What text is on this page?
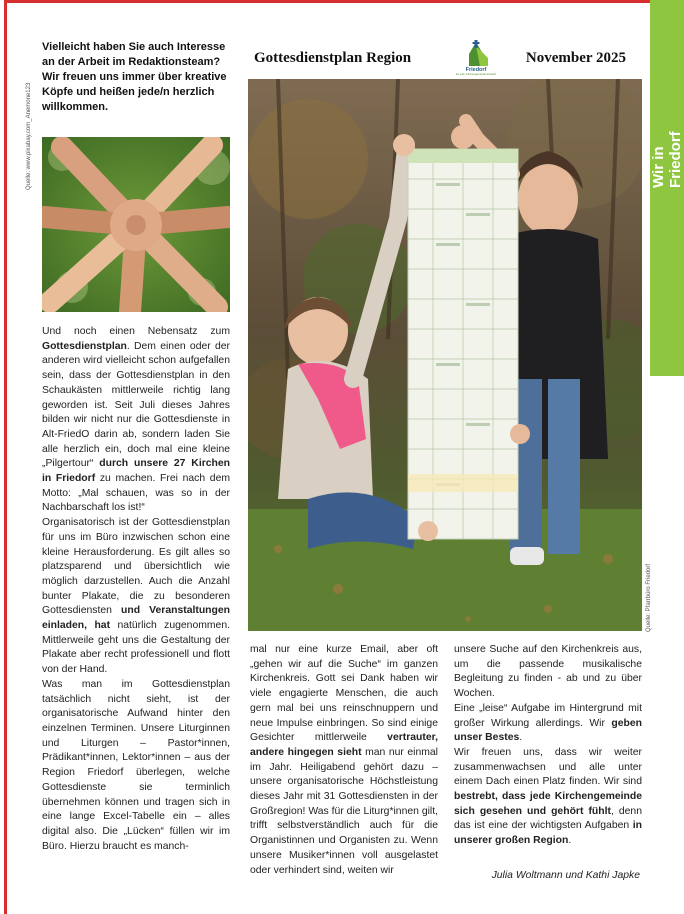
Wir in Friedorf
Vielleicht haben Sie auch Interesse an der Arbeit im Redaktionsteam? Wir freuen uns immer über kreative Köpfe und heißen jede/n herzlich willkommen.
Quelle: www.pixabay.com_Anemone123

Und noch einen Nebensatz zum Gottesdienstplan. Dem einen oder der anderen wird vielleicht schon aufgefallen sein, dass der Gottesdienstplan in den Schaukästen mittlerweile richtig lang geworden ist. Seit Juli dieses Jahres bilden wir nicht nur die Gottesdienste in Alt-FriedO darin ab, sondern laden Sie alle herzlich ein, doch mal eine kleine „Pilgertour“ durch unsere 27 Kirchen in Friedorf zu machen. Frei nach dem Motto: „Mal schauen, was so in der Nachbarschaft los ist!“

Organisatorisch ist der Gottesdienstplan für uns im Büro inzwischen schon eine kleine Herausforderung. Es gilt alles so platzsparend und übersichtlich wie möglich darzustellen. Auch die Anzahl bunter Plakate, die zu besonderen Gottesdiensten und Veranstaltungen einladen, hat natürlich zugenommen. Mittlerweile geht uns die Gestaltung der Plakate aber recht professionell und flott von der Hand.

Was man im Gottesdienstplan tatsächlich nicht sieht, ist der organisatorische Aufwand hinter den einzelnen Terminen. Unsere Liturginnen und Liturgen – Pastor*innen, Prädikant*innen, Lektor*innen – aus der Region Friedorf überlegen, welche Gottesdienste sie terminlich übernehmen können und tragen sich in eine lange Excel-Tabelle ein – alles digital also. Die „Lücken“ füllen wir im Büro. Hierzu braucht es manch-

Gottesdienstplan Region
Friedorf
Ev.-luth. Kirchengemeinde Friedorf
November 2025
Quelle: Pfarrbüro Friedorf

mal nur eine kurze Email, aber oft „gehen wir auf die Suche“ im ganzen Kirchenkreis. Gott sei Dank haben wir viele engagierte Menschen, die auch gern mal bei uns reinschnuppern und neue Impulse einbringen. So sind einige Gesichter mittlerweile vertrauter, andere hingegen sieht man nur einmal im Jahr. Heiligabend gehört dazu – unsere organisatorische Höchstleistung dieses Jahr mit 31 Gottesdiensten in der Großregion! Was für die Liturg*innen gilt, trifft selbstverständlich auch für die Organistinnen und Organisten zu. Wenn unsere Musiker*innen voll ausgelastet oder verhindert sind, weiten wir

unsere Suche auf den Kirchenkreis aus, um die passende musikalische Begleitung zu finden - ab und zu über Wochen.

Eine „leise“ Aufgabe im Hintergrund mit großer Wirkung allerdings. Wir geben unser Bestes.

Wir freuen uns, dass wir weiter zusammenwachsen und alle unter einem Dach einen Platz finden. Wir sind bestrebt, dass jede Kirchengemeinde sich gesehen und gehört fühlt, denn das ist eine der wichtigsten Aufgaben in unserer großen Region.

Julia Woltmann und Kathi Japke
